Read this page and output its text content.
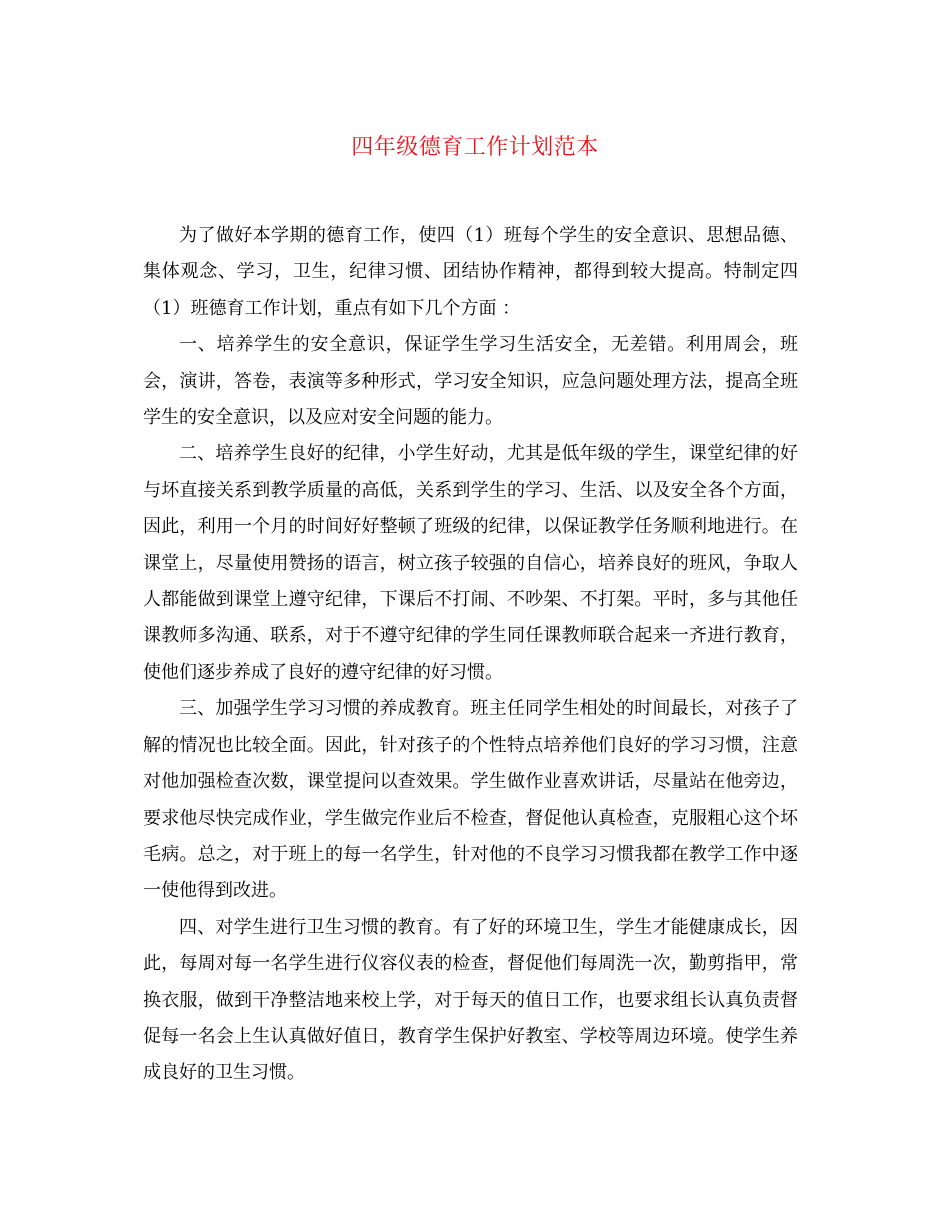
四年级德育工作计划范本

为了做好本学期的德育工作，使四（1）班每个学生的安全意识、思想品德、集体观念、学习，卫生，纪律习惯、团结协作精神，都得到较大提高。特制定四（1）班德育工作计划，重点有如下几个方面 ：

一、培养学生的安全意识，保证学生学习生活安全，无差错。利用周会，班会，演讲，答卷，表演等多种形式，学习安全知识，应急问题处理方法，提高全班学生的安全意识，以及应对安全问题的能力。

二、培养学生良好的纪律，小学生好动，尤其是低年级的学生，课堂纪律的好与坏直接关系到教学质量的高低，关系到学生的学习、生活、以及安全各个方面，因此，利用一个月的时间好好整顿了班级的纪律，以保证教学任务顺利地进行。在课堂上，尽量使用赞扬的语言，树立孩子较强的自信心，培养良好的班风，争取人人都能做到课堂上遵守纪律，下课后不打闹、不吵架、不打架。平时，多与其他任课教师多沟通、联系，对于不遵守纪律的学生同任课教师联合起来一齐进行教育，使他们逐步养成了良好的遵守纪律的好习惯。

三、加强学生学习习惯的养成教育。班主任同学生相处的时间最长，对孩子了解的情况也比较全面。因此，针对孩子的个性特点培养他们良好的学习习惯，注意对他加强检查次数，课堂提问以查效果。学生做作业喜欢讲话，尽量站在他旁边，要求他尽快完成作业，学生做完作业后不检查，督促他认真检查，克服粗心这个坏毛病。总之，对于班上的每一名学生，针对他的不良学习习惯我都在教学工作中逐一使他得到改进。

四、对学生进行卫生习惯的教育。有了好的环境卫生，学生才能健康成长，因此，每周对每一名学生进行仪容仪表的检查，督促他们每周洗一次，勤剪指甲，常换衣服，做到干净整洁地来校上学，对于每天的值日工作，也要求组长认真负责督促每一名会上生认真做好值日，教育学生保护好教室、学校等周边环境。使学生养成良好的卫生习惯。
